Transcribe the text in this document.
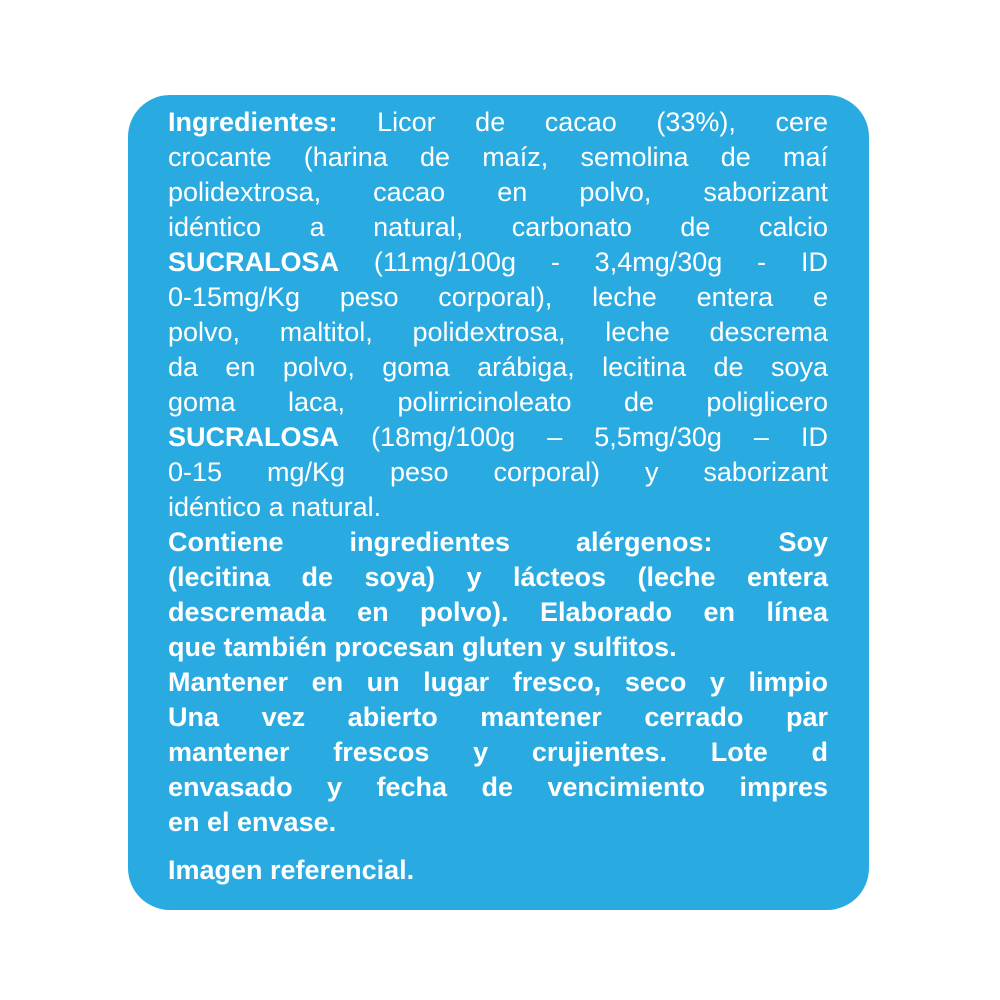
Ingredientes: Licor de cacao (33%), cere
crocante (harina de maíz, semolina de maí
polidextrosa, cacao en polvo, saborizant
idéntico a natural, carbonato de calcio
SUCRALOSA (11mg/100g - 3,4mg/30g - ID
0-15mg/Kg peso corporal), leche entera e
polvo, maltitol, polidextrosa, leche descrema
da en polvo, goma arábiga, lecitina de soya
goma laca, polirricinoleato de poliglicero
SUCRALOSA (18mg/100g – 5,5mg/30g – ID
0-15 mg/Kg peso corporal) y saborizant
idéntico a natural.
Contiene ingredientes alérgenos: Soy
(lecitina de soya) y lácteos (leche entera
descremada en polvo). Elaborado en línea
que también procesan gluten y sulfitos.
Mantener en un lugar fresco, seco y limpio
Una vez abierto mantener cerrado par
mantener frescos y crujientes. Lote d
envasado y fecha de vencimiento impres
en el envase.
Imagen referencial.
